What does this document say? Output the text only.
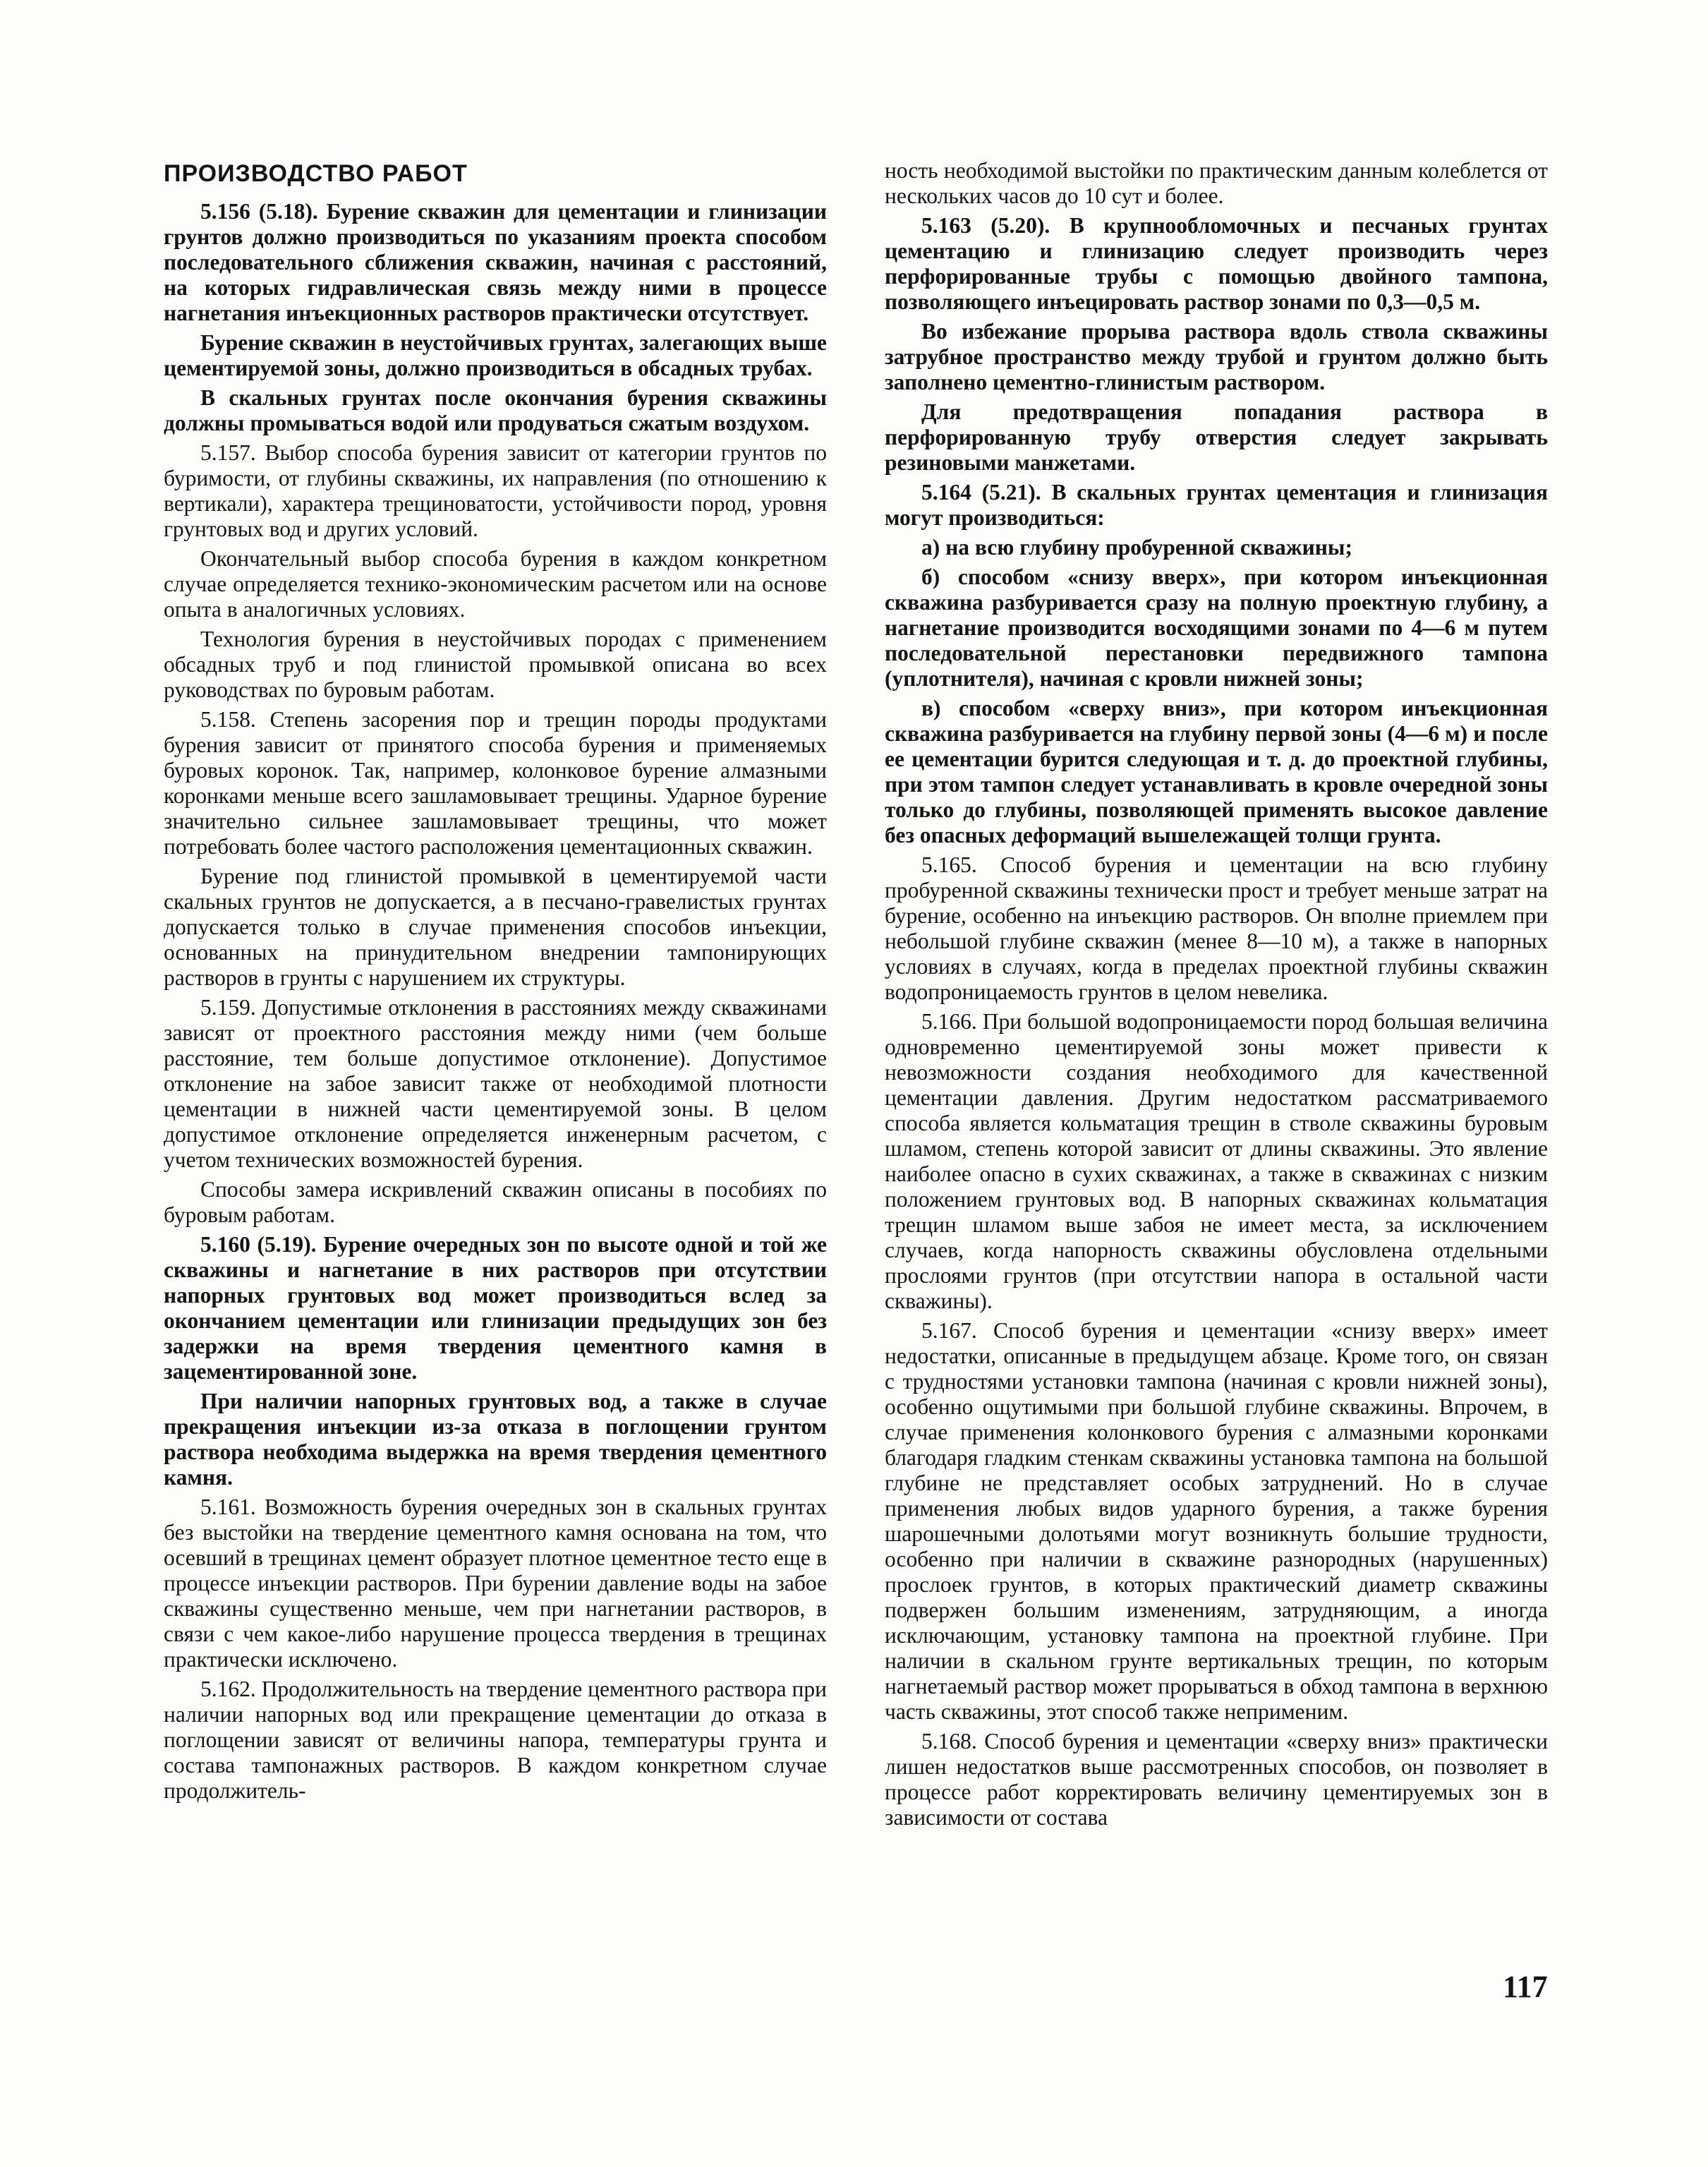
ПРОИЗВОДСТВО РАБОТ

5.156 (5.18). Бурение скважин для цементации и глинизации грунтов должно производиться по указаниям проекта способом последовательного сближения скважин, начиная с расстояний, на которых гидравлическая связь между ними в процессе нагнетания инъекционных растворов практически отсутствует.

Бурение скважин в неустойчивых грунтах, залегающих выше цементируемой зоны, должно производиться в обсадных трубах.

В скальных грунтах после окончания бурения скважины должны промываться водой или продуваться сжатым воздухом.

5.157. Выбор способа бурения зависит от категории грунтов по буримости, от глубины скважины, их направления (по отношению к вертикали), характера трещиноватости, устойчивости пород, уровня грунтовых вод и других условий.

Окончательный выбор способа бурения в каждом конкретном случае определяется технико-экономическим расчетом или на основе опыта в аналогичных условиях.

Технология бурения в неустойчивых породах с применением обсадных труб и под глинистой промывкой описана во всех руководствах по буровым работам.

5.158. Степень засорения пор и трещин породы продуктами бурения зависит от принятого способа бурения и применяемых буровых коронок. Так, например, колонковое бурение алмазными коронками меньше всего зашламовывает трещины. Ударное бурение значительно сильнее зашламовывает трещины, что может потребовать более частого расположения цементационных скважин.

Бурение под глинистой промывкой в цементируемой части скальных грунтов не допускается, а в песчано-гравелистых грунтах допускается только в случае применения способов инъекции, основанных на принудительном внедрении тампонирующих растворов в грунты с нарушением их структуры.

5.159. Допустимые отклонения в расстояниях между скважинами зависят от проектного расстояния между ними (чем больше расстояние, тем больше допустимое отклонение). Допустимое отклонение на забое зависит также от необходимой плотности цементации в нижней части цементируемой зоны. В целом допустимое отклонение определяется инженерным расчетом, с учетом технических возможностей бурения.

Способы замера искривлений скважин описаны в пособиях по буровым работам.

5.160 (5.19). Бурение очередных зон по высоте одной и той же скважины и нагнетание в них растворов при отсутствии напорных грунтовых вод может производиться вслед за окончанием цементации или глинизации предыдущих зон без задержки на время твердения цементного камня в зацементированной зоне.

При наличии напорных грунтовых вод, а также в случае прекращения инъекции из-за отказа в поглощении грунтом раствора необходима выдержка на время твердения цементного камня.

5.161. Возможность бурения очередных зон в скальных грунтах без выстойки на твердение цементного камня основана на том, что осевший в трещинах цемент образует плотное цементное тесто еще в процессе инъекции растворов. При бурении давление воды на забое скважины существенно меньше, чем при нагнетании растворов, в связи с чем какое-либо нарушение процесса твердения в трещинах практически исключено.

5.162. Продолжительность на твердение цементного раствора при наличии напорных вод или прекращение цементации до отказа в поглощении зависят от величины напора, температуры грунта и состава тампонажных растворов. В каждом конкретном случае продолжитель-

ность необходимой выстойки по практическим данным колеблется от нескольких часов до 10 сут и более.

5.163 (5.20). В крупнообломочных и песчаных грунтах цементацию и глинизацию следует производить через перфорированные трубы с помощью двойного тампона, позволяющего инъецировать раствор зонами по 0,3—0,5 м.

Во избежание прорыва раствора вдоль ствола скважины затрубное пространство между трубой и грунтом должно быть заполнено цементно-глинистым раствором.

Для предотвращения попадания раствора в перфорированную трубу отверстия следует закрывать резиновыми манжетами.

5.164 (5.21). В скальных грунтах цементация и глинизация могут производиться:

а) на всю глубину пробуренной скважины;

б) способом «снизу вверх», при котором инъекционная скважина разбуривается сразу на полную проектную глубину, а нагнетание производится восходящими зонами по 4—6 м путем последовательной перестановки передвижного тампона (уплотнителя), начиная с кровли нижней зоны;

в) способом «сверху вниз», при котором инъекционная скважина разбуривается на глубину первой зоны (4—6 м) и после ее цементации бурится следующая и т. д. до проектной глубины, при этом тампон следует устанавливать в кровле очередной зоны только до глубины, позволяющей применять высокое давление без опасных деформаций вышележащей толщи грунта.

5.165. Способ бурения и цементации на всю глубину пробуренной скважины технически прост и требует меньше затрат на бурение, особенно на инъекцию растворов. Он вполне приемлем при небольшой глубине скважин (менее 8—10 м), а также в напорных условиях в случаях, когда в пределах проектной глубины скважин водопроницаемость грунтов в целом невелика.

5.166. При большой водопроницаемости пород большая величина одновременно цементируемой зоны может привести к невозможности создания необходимого для качественной цементации давления. Другим недостатком рассматриваемого способа является кольматация трещин в стволе скважины буровым шламом, степень которой зависит от длины скважины. Это явление наиболее опасно в сухих скважинах, а также в скважинах с низким положением грунтовых вод. В напорных скважинах кольматация трещин шламом выше забоя не имеет места, за исключением случаев, когда напорность скважины обусловлена отдельными прослоями грунтов (при отсутствии напора в остальной части скважины).

5.167. Способ бурения и цементации «снизу вверх» имеет недостатки, описанные в предыдущем абзаце. Кроме того, он связан с трудностями установки тампона (начиная с кровли нижней зоны), особенно ощутимыми при большой глубине скважины. Впрочем, в случае применения колонкового бурения с алмазными коронками благодаря гладким стенкам скважины установка тампона на большой глубине не представляет особых затруднений. Но в случае применения любых видов ударного бурения, а также бурения шарошечными долотьями могут возникнуть большие трудности, особенно при наличии в скважине разнородных (нарушенных) прослоек грунтов, в которых практический диаметр скважины подвержен большим изменениям, затрудняющим, а иногда исключающим, установку тампона на проектной глубине. При наличии в скальном грунте вертикальных трещин, по которым нагнетаемый раствор может прорываться в обход тампона в верхнюю часть скважины, этот способ также неприменим.

5.168. Способ бурения и цементации «сверху вниз» практически лишен недостатков выше рассмотренных способов, он позволяет в процессе работ корректировать величину цементируемых зон в зависимости от состава

117
